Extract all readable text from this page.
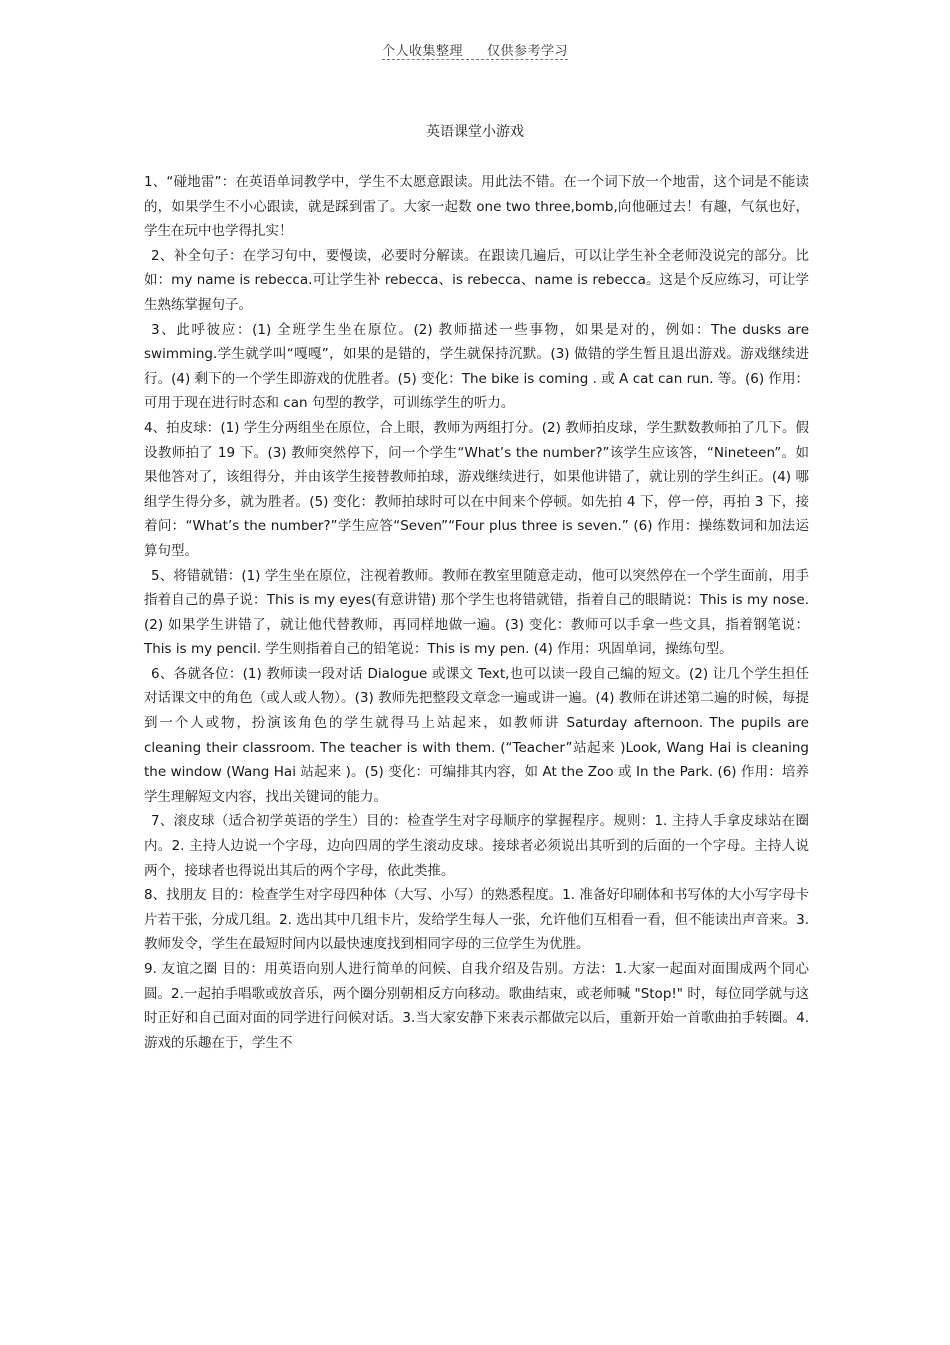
个人收集整理 仅供参考学习
英语课堂小游戏

1、“碰地雷”：在英语单词教学中，学生不太愿意跟读。用此法不错。在一个词下放一个地雷，这个词是不能读的，如果学生不小心跟读，就是踩到雷了。大家一起数 one two three,bomb,向他砸过去！有趣，气氛也好，学生在玩中也学得扎实！

2、补全句子：在学习句中，要慢读，必要时分解读。在跟读几遍后，可以让学生补全老师没说完的部分。比如：my name is rebecca.可让学生补 rebecca、is rebecca、name is rebecca。这是个反应练习，可让学生熟练掌握句子。

3、此呼彼应：(1) 全班学生坐在原位。(2) 教师描述一些事物，如果是对的，例如：The dusks are swimming.学生就学叫“嘎嘎”，如果的是错的，学生就保持沉默。(3) 做错的学生暂且退出游戏。游戏继续进行。(4) 剩下的一个学生即游戏的优胜者。(5) 变化：The bike is coming . 或 A cat can run. 等。(6) 作用：可用于现在进行时态和 can 句型的教学，可训练学生的听力。

4、拍皮球：(1) 学生分两组坐在原位，合上眼，教师为两组打分。(2) 教师拍皮球，学生默数教师拍了几下。假设教师拍了 19 下。(3) 教师突然停下，问一个学生“What’s the number?”该学生应该答，“Nineteen”。如果他答对了，该组得分，并由该学生接替教师拍球，游戏继续进行，如果他讲错了，就让别的学生纠正。(4) 哪组学生得分多，就为胜者。(5) 变化：教师拍球时可以在中间来个停顿。如先拍 4 下，停一停，再拍 3 下，接着问：“What’s the number?”学生应答“Seven”“Four plus three is seven.” (6) 作用：操练数词和加法运算句型。

5、将错就错：(1) 学生坐在原位，注视着教师。教师在教室里随意走动，他可以突然停在一个学生面前，用手指着自己的鼻子说：This is my eyes(有意讲错) 那个学生也将错就错，指着自己的眼睛说：This is my nose. (2) 如果学生讲错了，就让他代替教师，再同样地做一遍。(3) 变化：教师可以手拿一些文具，指着钢笔说：This is my pencil. 学生则指着自己的铅笔说：This is my pen. (4) 作用：巩固单词，操练句型。

6、各就各位：(1) 教师读一段对话 Dialogue 或课文 Text,也可以读一段自己编的短文。(2) 让几个学生担任对话课文中的角色（或人或人物）。(3) 教师先把整段文章念一遍或讲一遍。(4) 教师在讲述第二遍的时候，每提到一个人或物，扮演该角色的学生就得马上站起来，如教师讲 Saturday afternoon. The pupils are cleaning their classroom. The teacher is with them. (“Teacher”站起来 )Look, Wang Hai is cleaning the window (Wang Hai 站起来 )。(5) 变化：可编排其内容，如 At the Zoo 或 In the Park. (6) 作用：培养学生理解短文内容，找出关键词的能力。

7、滚皮球（适合初学英语的学生）目的：检查学生对字母顺序的掌握程序。规则：1. 主持人手拿皮球站在圈内。2. 主持人边说一个字母，边向四周的学生滚动皮球。接球者必须说出其听到的后面的一个字母。主持人说两个，接球者也得说出其后的两个字母，依此类推。

8、找朋友 目的：检查学生对字母四种体（大写、小写）的熟悉程度。1. 准备好印刷体和书写体的大小写字母卡片若干张，分成几组。2. 选出其中几组卡片，发给学生每人一张，允许他们互相看一看，但不能读出声音来。3. 教师发令，学生在最短时间内以最快速度找到相同字母的三位学生为优胜。

9. 友谊之圈 目的：用英语向别人进行简单的问候、自我介绍及告别。方法：1.大家一起面对面围成两个同心圆。2.一起拍手唱歌或放音乐，两个圈分别朝相反方向移动。歌曲结束，或老师喊 "Stop!" 时，每位同学就与这时正好和自己面对面的同学进行问候对话。3.当大家安静下来表示都做完以后，重新开始一首歌曲拍手转圈。4.游戏的乐趣在于，学生不
